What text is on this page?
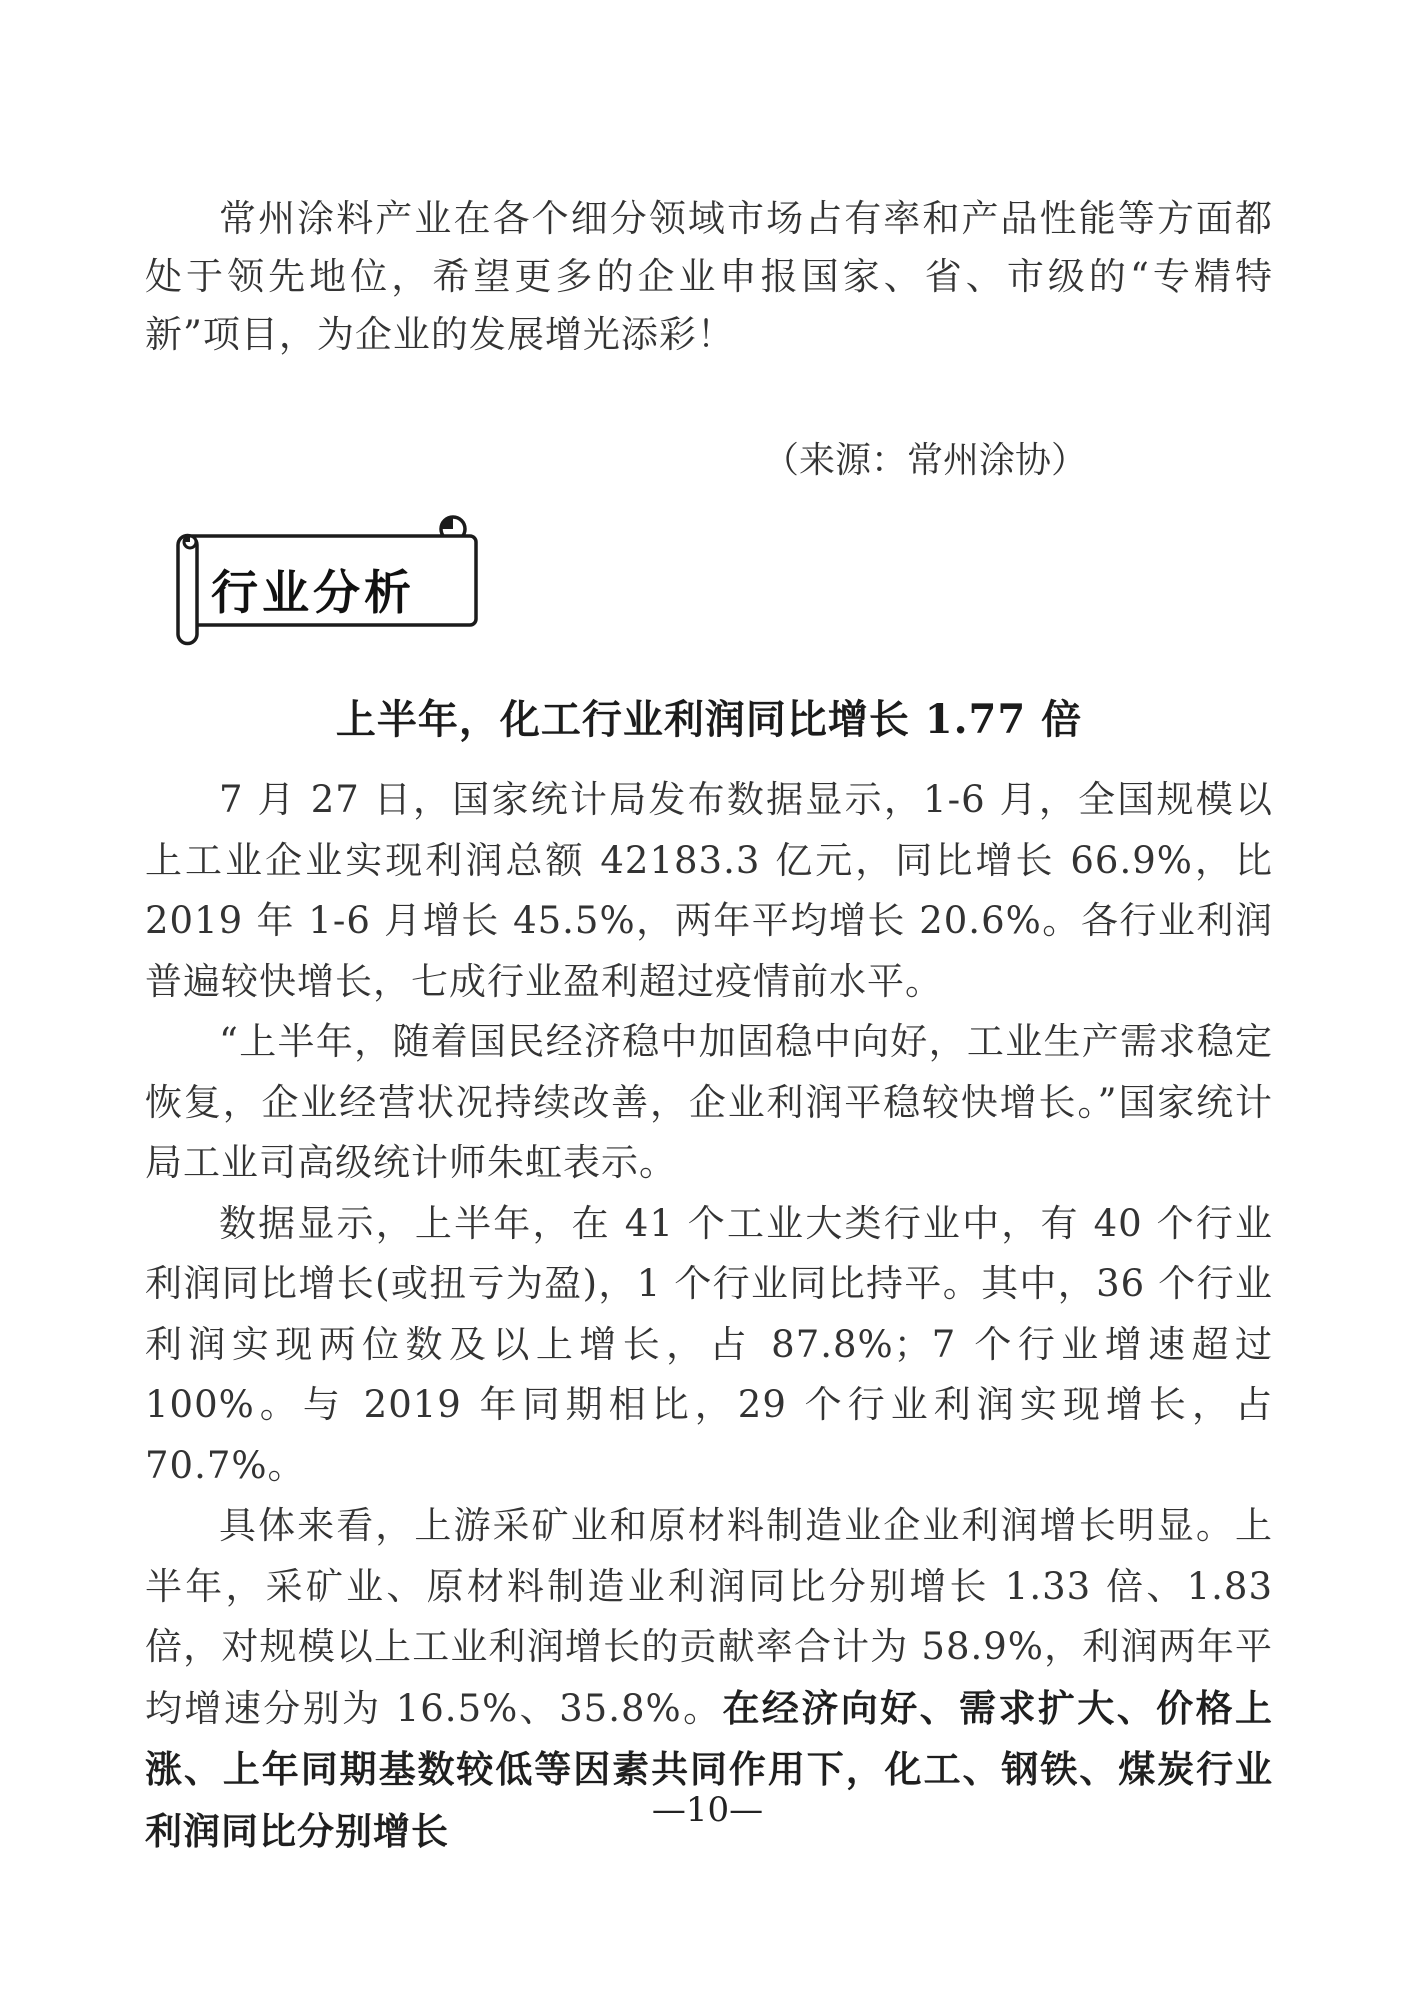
常州涂料产业在各个细分领域市场占有率和产品性能等方面都处于领先地位，希望更多的企业申报国家、省、市级的“专精特新”项目，为企业的发展增光添彩！
（来源：常州涂协）
行业分析
上半年，化工行业利润同比增长 1.77 倍

7 月 27 日，国家统计局发布数据显示，1-6 月，全国规模以上工业企业实现利润总额 42183.3 亿元，同比增长 66.9%，比 2019 年 1-6 月增长 45.5%，两年平均增长 20.6%。各行业利润普遍较快增长，七成行业盈利超过疫情前水平。

“上半年，随着国民经济稳中加固稳中向好，工业生产需求稳定恢复，企业经营状况持续改善，企业利润平稳较快增长。”国家统计局工业司高级统计师朱虹表示。

数据显示，上半年，在 41 个工业大类行业中，有 40 个行业利润同比增长(或扭亏为盈)，1 个行业同比持平。其中，36 个行业利润实现两位数及以上增长，占 87.8%；7 个行业增速超过 100%。与 2019 年同期相比，29 个行业利润实现增长，占 70.7%。

具体来看，上游采矿业和原材料制造业企业利润增长明显。上半年，采矿业、原材料制造业利润同比分别增长 1.33 倍、1.83 倍，对规模以上工业利润增长的贡献率合计为 58.9%，利润两年平均增速分别为 16.5%、35.8%。在经济向好、需求扩大、价格上涨、上年同期基数较低等因素共同作用下，化工、钢铁、煤炭行业利润同比分别增长	—10—
